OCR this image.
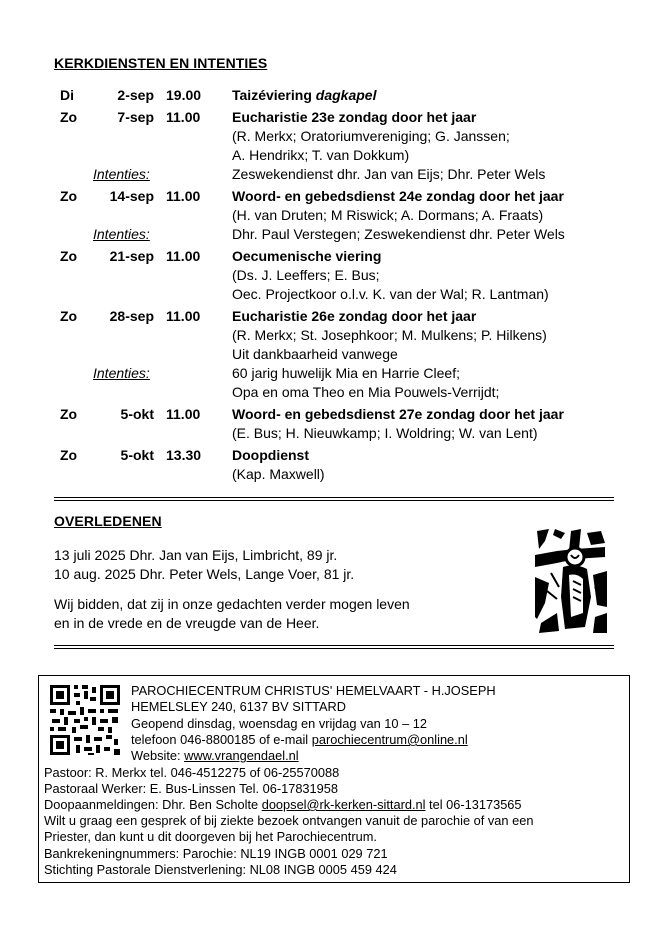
KERKDIENSTEN EN INTENTIES
Di	2-sep 19.00 Taizéviering dagkapel
Zo	7-sep 11.00 Eucharistie 23e zondag door het jaar
(R. Merkx; Oratoriumvereniging; G. Janssen;
A. Hendrikx; T. van Dokkum)
Intenties:	Zeswekendienst dhr. Jan van Eijs; Dhr. Peter Wels
Zo	14-sep 11.00 Woord- en gebedsdienst 24e zondag door het jaar
(H. van Druten; M Riswick; A. Dormans; A. Fraats)
Intenties:	Dhr. Paul Verstegen; Zeswekendienst dhr. Peter Wels
Zo	21-sep 11.00 Oecumenische viering
(Ds. J. Leeffers; E. Bus;
Oec. Projectkoor o.l.v. K. van der Wal; R. Lantman)
Zo	28-sep 11.00 Eucharistie 26e zondag door het jaar
(R. Merkx; St. Josephkoor; M. Mulkens; P. Hilkens)
Uit dankbaarheid vanwege
Intenties:	60 jarig huwelijk Mia en Harrie Cleef;
Opa en oma Theo en Mia Pouwels-Verrijdt;
Zo	5-okt 11.00 Woord- en gebedsdienst 27e zondag door het jaar
(E. Bus; H. Nieuwkamp; I. Woldring; W. van Lent)
Zo	5-okt 13.30 Doopdienst
(Kap. Maxwell)
OVERLEDENEN
13 juli 2025 Dhr. Jan van Eijs, Limbricht, 89 jr.
10 aug. 2025 Dhr. Peter Wels, Lange Voer, 81 jr.
Wij bidden, dat zij in onze gedachten verder mogen leven
en in de vrede en de vreugde van de Heer.
PAROCHIECENTRUM CHRISTUS' HEMELVAART - H.JOSEPH
HEMELSLEY 240, 6137 BV SITTARD
Geopend dinsdag, woensdag en vrijdag van 10 – 12
telefoon 046-8800185 of e-mail parochiecentrum@online.nl
Website: www.vrangendael.nl
Pastoor: R. Merkx tel. 046-4512275 of 06-25570088
Pastoraal Werker: E. Bus-Linssen Tel. 06-17831958
Doopaanmeldingen: Dhr. Ben Scholte doopsel@rk-kerken-sittard.nl tel 06-13173565
Wilt u graag een gesprek of bij ziekte bezoek ontvangen vanuit de parochie of van een
Priester, dan kunt u dit doorgeven bij het Parochiecentrum.
Bankrekeningnummers: Parochie: NL19 INGB 0001 029 721
Stichting Pastorale Dienstverlening: NL08 INGB 0005 459 424
